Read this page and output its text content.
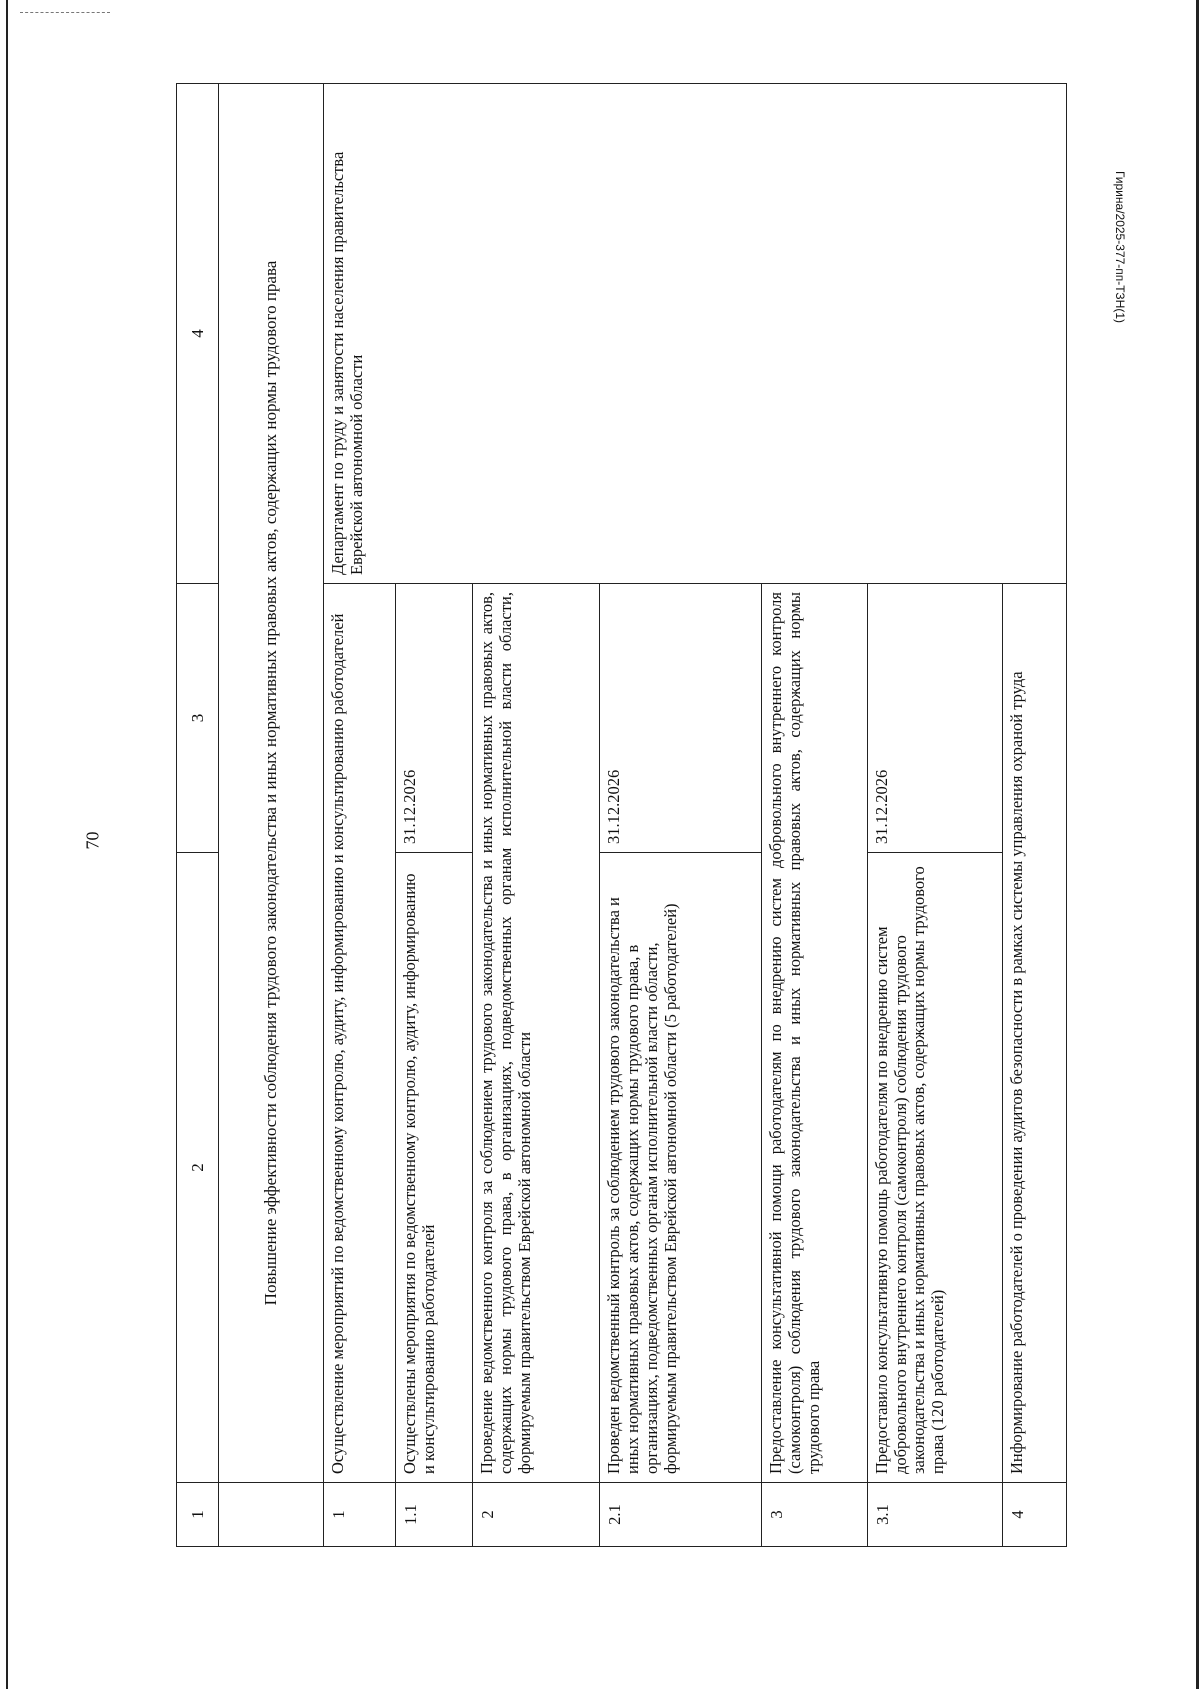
70
Гирина/2025-377-пп-ТЗН(1)
1	2	3	4
	Повышение эффективности соблюдения трудового законодательства и иных нормативных правовых актов, содержащих нормы трудового права		
1	Осуществление мероприятий по ведомственному контролю, аудиту, информированию и консультированию работодателей		Департамент по труду и занятости населения правительства Еврейской автономной области
1.1	Осуществлены мероприятия по ведомственному контролю, аудиту, информированию и консультированию работодателей	31.12.2026	
2	Проведение ведомственного контроля за соблюдением трудового законодательства и иных нормативных правовых актов, содержащих нормы трудового права, в организациях, подведомственных органам исполнительной власти области, формируемым правительством Еврейской автономной области		
2.1	Проведен ведомственный контроль за соблюдением трудового законодательства и иных нормативных правовых актов, содержащих нормы трудового права, в организациях, подведомственных органам исполнительной власти области, формируемым правительством Еврейской автономной области (5 работодателей)	31.12.2026	
3	Предоставление консультативной помощи работодателям по внедрению систем добровольного внутреннего контроля (самоконтроля) соблюдения трудового законодательства и иных нормативных правовых актов, содержащих нормы трудового права		
3.1	Предоставило консультативную помощь работодателям по внедрению систем добровольного внутреннего контроля (самоконтроля) соблюдения трудового законодательства и иных нормативных правовых актов, содержащих нормы трудового права (120 работодателей)	31.12.2026	
4	Информирование работодателей о проведении аудитов безопасности в рамках системы управления охраной труда		
